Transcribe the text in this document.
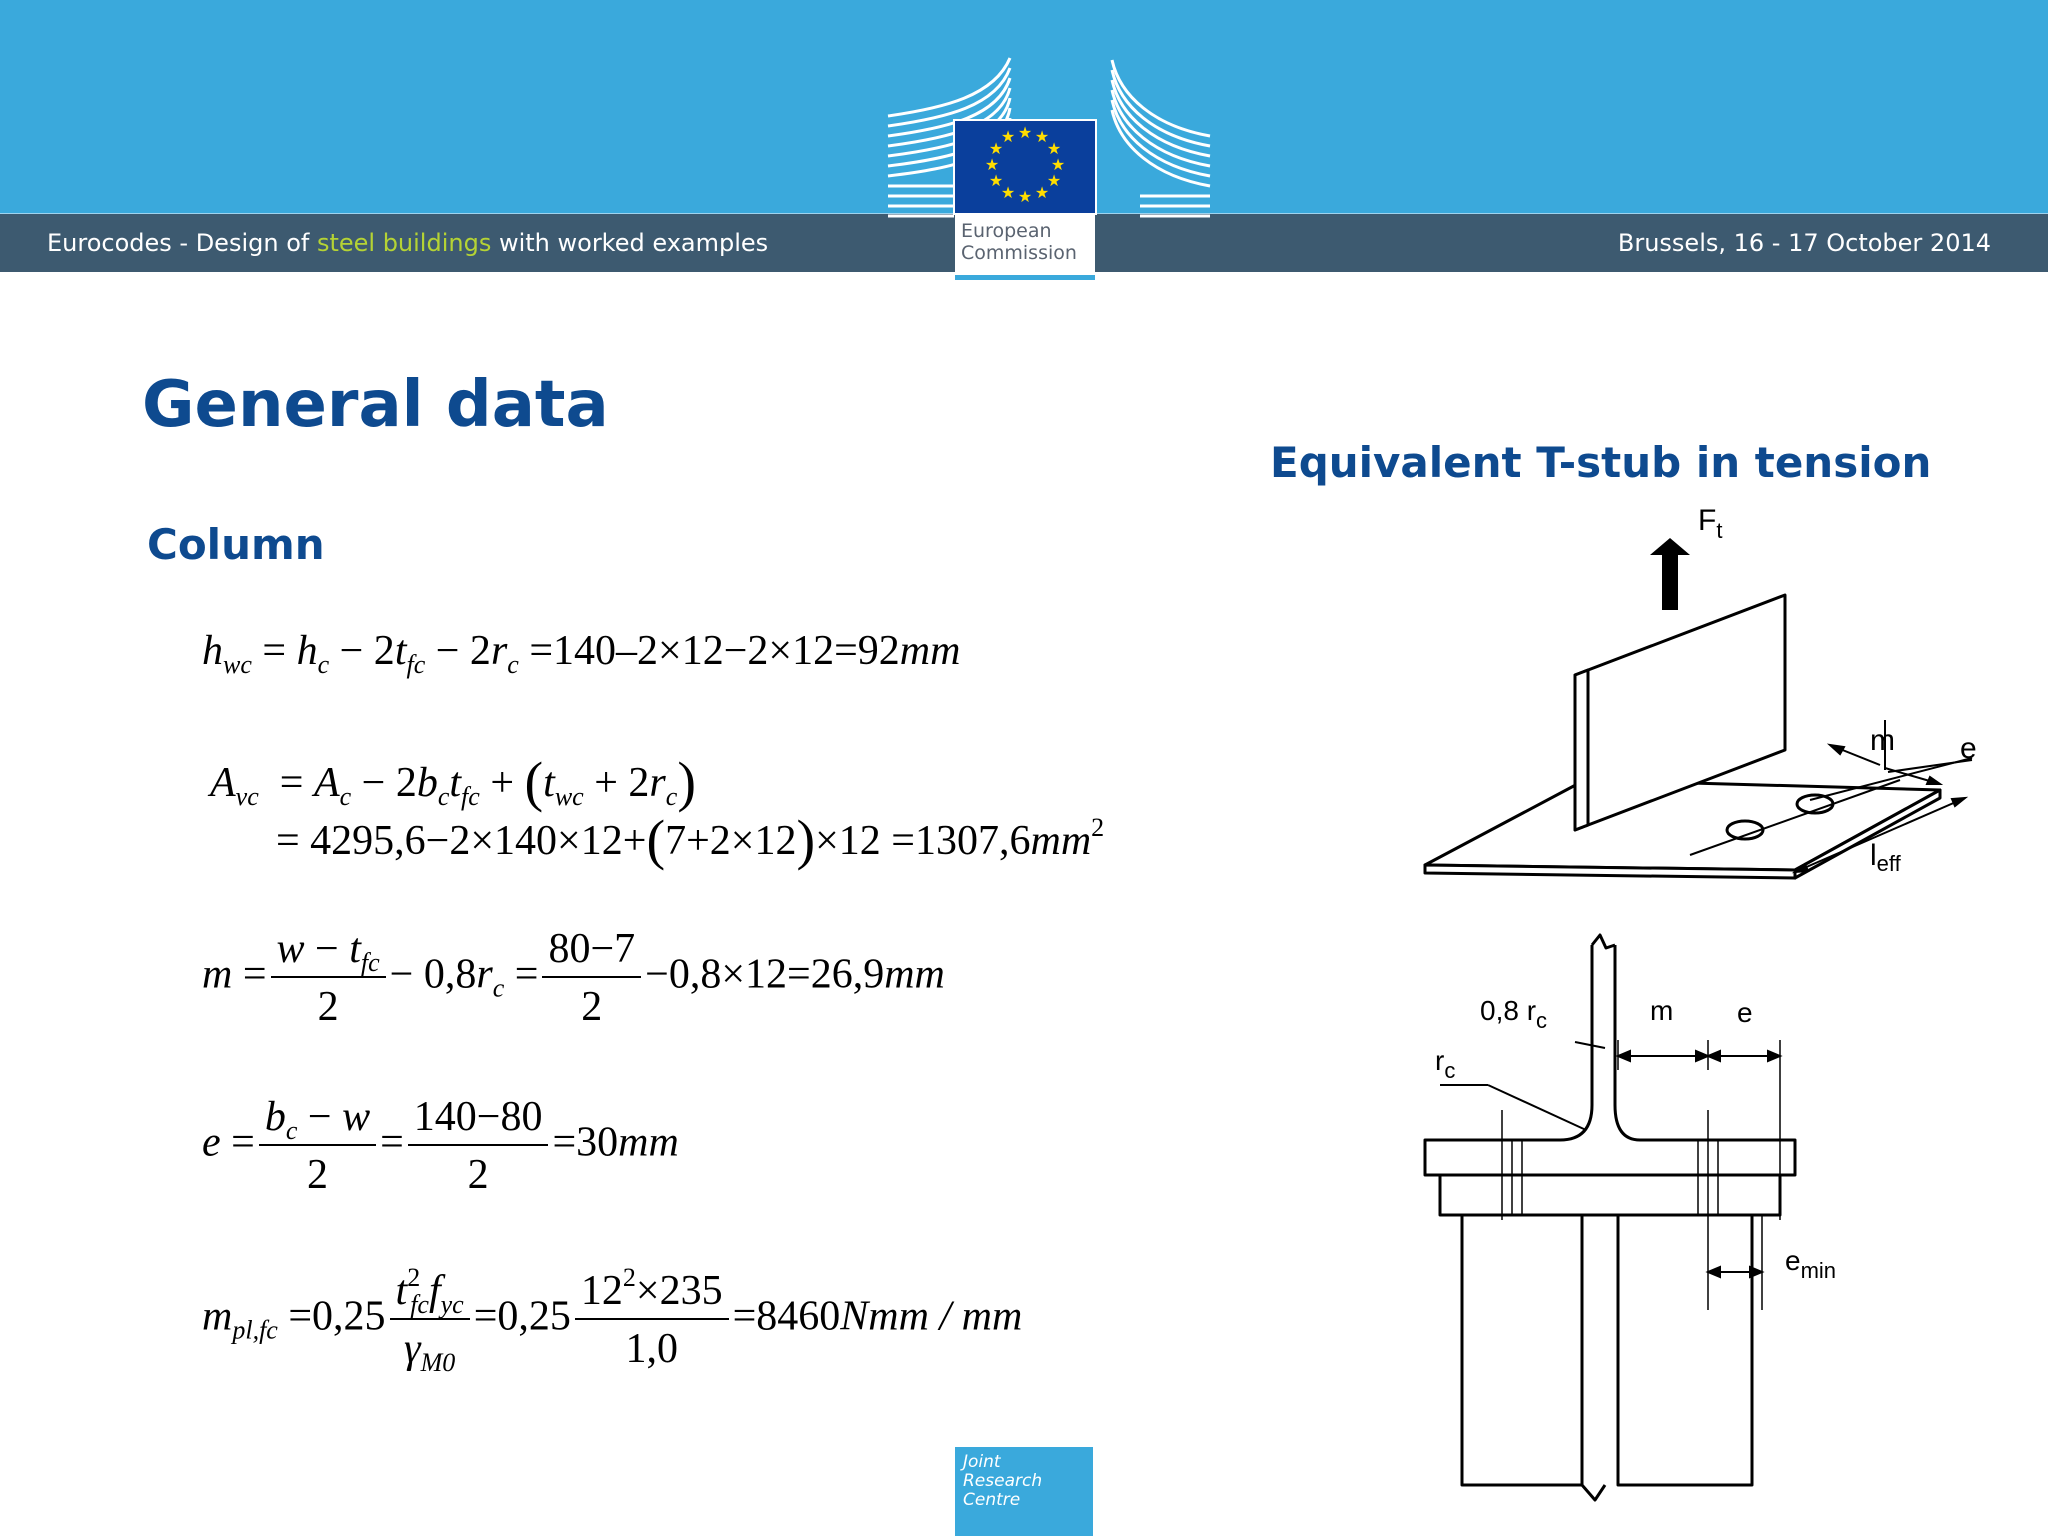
Eurocodes - Design of steel buildings with worked examples	Brussels, 16 - 17 October 2014
★ ★
★
★
★
★
★
★
★
★
★
★
European
Commission
General data
Column
Equivalent T-stub in tension
$h_{wc} = h_c - 2t_{fc} - 2r_c =140-2\times 12-2\times 12=92mm$
$A_{vc} = A_c - 2b_ct_{fc} + (t_{wc} + 2r_c)$
= $4295,6-2\times 140\times 12+(7+2\times 12)\times 12 =1307,6mm^2$
$m = \frac{w - t_{fc}}{2} - 0,8r_c = \frac{80-7}{2} -0,8\times 12=26,9mm$
$e = \frac{b_c - w}{2} = \frac{140-80}{2} =30mm$
$m_{pl,fc} =0,25 \frac{t^2_{fc}f_{yc}}{\gamma_{M0}} =0,25 \frac{12^2\times 235}{1,0} =8460Nmm$ / mm
$F_t$
m e
$l_{eff}$
0,8 $r_c$
$r_c$
m e
$e_{min}$
Joint
Research
Centre
